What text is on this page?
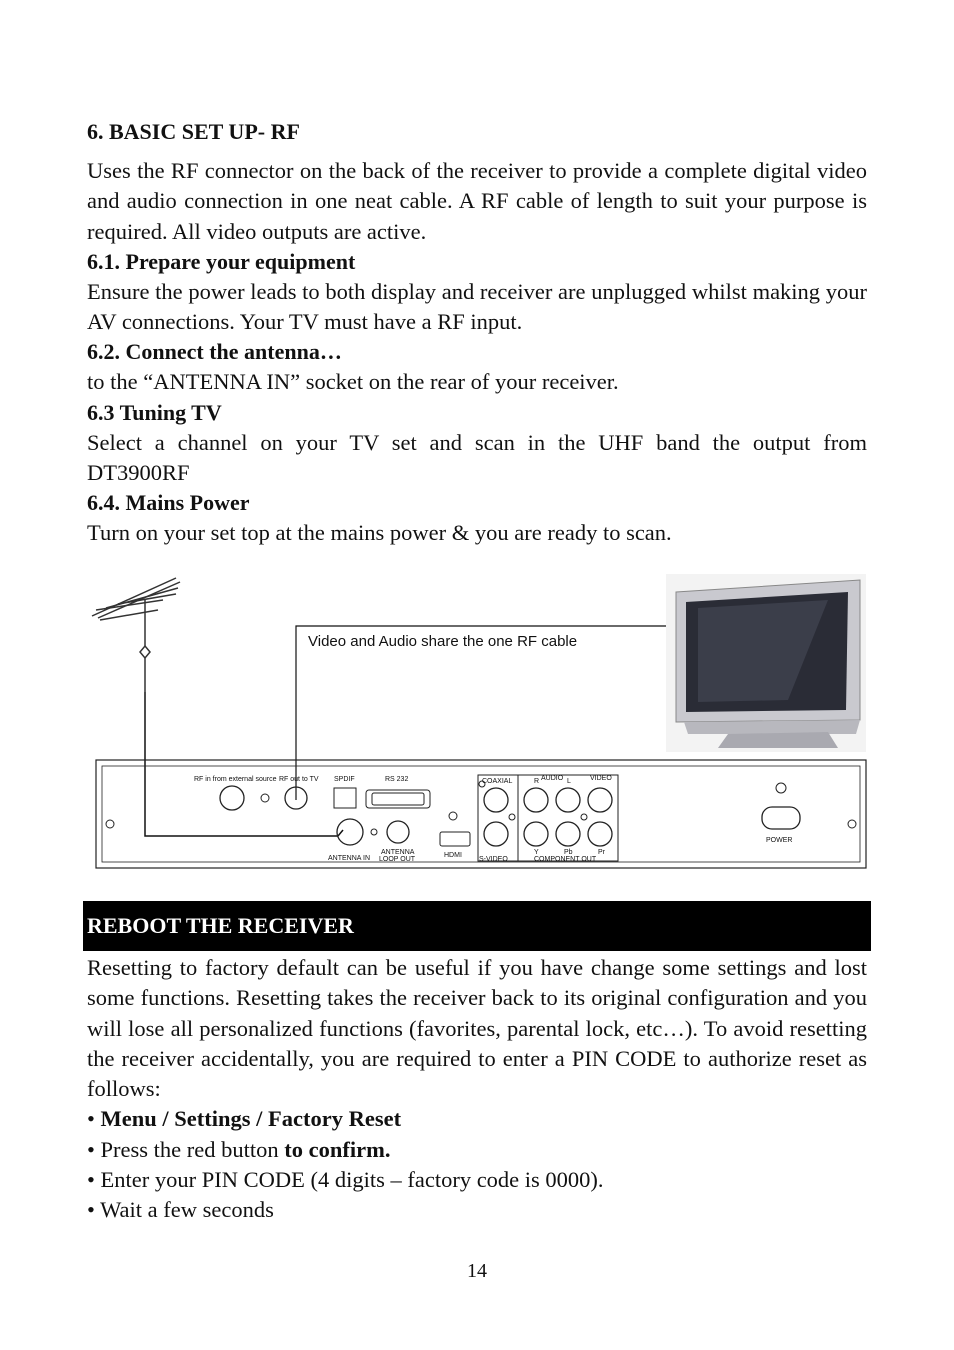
6. BASIC SET UP- RF

Uses the RF connector on the back of the receiver to provide a complete digital video and audio connection in one neat cable. A RF cable of length to suit your purpose is required. All video outputs are active.

6.1. Prepare your equipment

Ensure the power leads to both display and receiver are unplugged whilst making your AV connections. Your TV must have a RF input.

6.2. Connect the antenna…

to the “ANTENNA IN” socket on the rear of your receiver.

6.3 Tuning TV

Select a channel on your TV set and scan in the UHF band the output from DT3900RF

6.4. Mains Power

Turn on your set top at the mains power & you are ready to scan.

Resetting to factory default can be useful if you have change some settings and lost some functions. Resetting takes the receiver back to its original configuration and you will lose all personalized functions (favorites, parental lock, etc…). To avoid resetting the receiver accidentally, you are required to enter a PIN CODE to authorize reset as follows:

• Menu / Settings / Factory Reset

• Press the red button to confirm.

• Enter your PIN CODE (4 digits – factory code is 0000).

• Wait a few seconds

Video and Audio share the one RF cable
RF in from external source RF out to TV SPDIF	RS 232	COAXIAL	R AUDIO L	VIDEO
ANTENNA IN
ANTENNA
LOOP OUT
HDMI
S-VIDEO	COMPONENT OUT
Y	Pb	Pr
POWER
REBOOT THE RECEIVER
14
